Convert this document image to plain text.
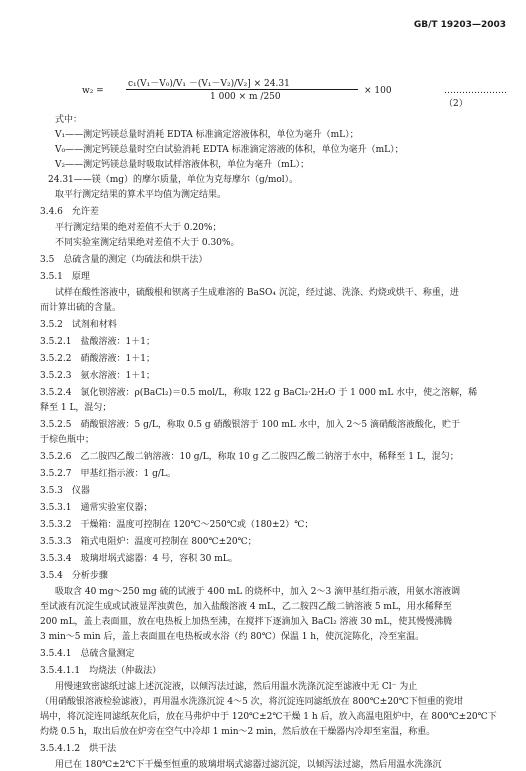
GB/T 19203—2003
w₂ =
c₁(V₁－V₀)/V₁ －(V₁－V₂)/V₂] × 24.31
1 000 × m /250
× 100	…………………（2）
式中：
V₁——测定钙镁总量时消耗 EDTA 标准滴定溶液体积，单位为毫升（mL）；
V₀——测定钙镁总量时空白试验消耗 EDTA 标准滴定溶液的体积，单位为毫升（mL）；
V₂——测定钙镁总量时吸取试样溶液体积，单位为毫升（mL）；
24.31——镁（mg）的摩尔质量，单位为克每摩尔（g/mol）。
取平行测定结果的算术平均值为测定结果。
3.4.6　允许差
平行测定结果的绝对差值不大于 0.20%；
不同实验室测定结果绝对差值不大于 0.30%。
3.5　总硫含量的测定（均硫法和烘干法）
3.5.1　原理
试样在酸性溶液中，硫酸根和钡离子生成难溶的 BaSO₄ 沉淀，经过滤、洗涤、灼烧或烘干、称重，进
而计算出硫的含量。
3.5.2　试剂和材料
3.5.2.1　盐酸溶液：1＋1；
3.5.2.2　硝酸溶液：1＋1；
3.5.2.3　氨水溶液：1＋1；
3.5.2.4　氯化钡溶液：ρ(BaCl₂)＝0.5 mol/L，称取 122 g BaCl₂·2H₂O 于 1 000 mL 水中，使之溶解，稀
释至 1 L，混匀；
3.5.2.5　硝酸银溶液：5 g/L，称取 0.5 g 硝酸银溶于 100 mL 水中，加入 2～5 滴硝酸溶液酸化，贮于
于棕色瓶中；
3.5.2.6　乙二胺四乙酸二钠溶液：10 g/L，称取 10 g 乙二胺四乙酸二钠溶于水中，稀释至 1 L，混匀；
3.5.2.7　甲基红指示液：1 g/L。
3.5.3　仪器
3.5.3.1　通常实验室仪器；
3.5.3.2　干燥箱：温度可控制在 120℃～250℃或（180±2）℃；
3.5.3.3　箱式电阻炉：温度可控制在 800℃±20℃；
3.5.3.4　玻璃坩埚式滤器：4 号，容积 30 mL。
3.5.4　分析步骤
吸取含 40 mg～250 mg 硫的试液于 400 mL 的烧杯中，加入 2～3 滴甲基红指示液，用氨水溶液调
至试液有沉淀生成或试液显浑浊黄色，加入盐酸溶液 4 mL，乙二胺四乙酸二钠溶液 5 mL，用水稀释至
200 mL，盖上表面皿，放在电热板上加热至沸，在搅拌下逐滴加入 BaCl₂ 溶液 30 mL，使其慢慢沸腾
3 min～5 min 后，盖上表面皿在电热板或水浴（约 80℃）保温 1 h，使沉淀陈化，冷至室温。
3.5.4.1　总硫含量测定
3.5.4.1.1　均烧法（仲裁法）
用慢速致密滤纸过滤上述沉淀液，以倾泻法过滤，然后用温水洗涤沉淀至滤液中无 Cl⁻ 为止
（用硝酸银溶液检验滤液），再用温水洗涤沉淀 4～5 次，将沉淀连同滤纸放在 800℃±20℃下恒重的瓷坩
埚中，将沉淀连同滤纸灰化后，放在马弗炉中于 120℃±2℃干燥 1 h 后，放入高温电阻炉中，在 800℃±20℃下
灼烧 0.5 h，取出后放在炉旁在空气中冷却 1 min～2 min，然后放在干燥器内冷却至室温，称重。
3.5.4.1.2　烘干法
用已在 180℃±2℃下干燥至恒重的玻璃坩埚式滤器过滤沉淀，以倾泻法过滤，然后用温水洗涤沉
